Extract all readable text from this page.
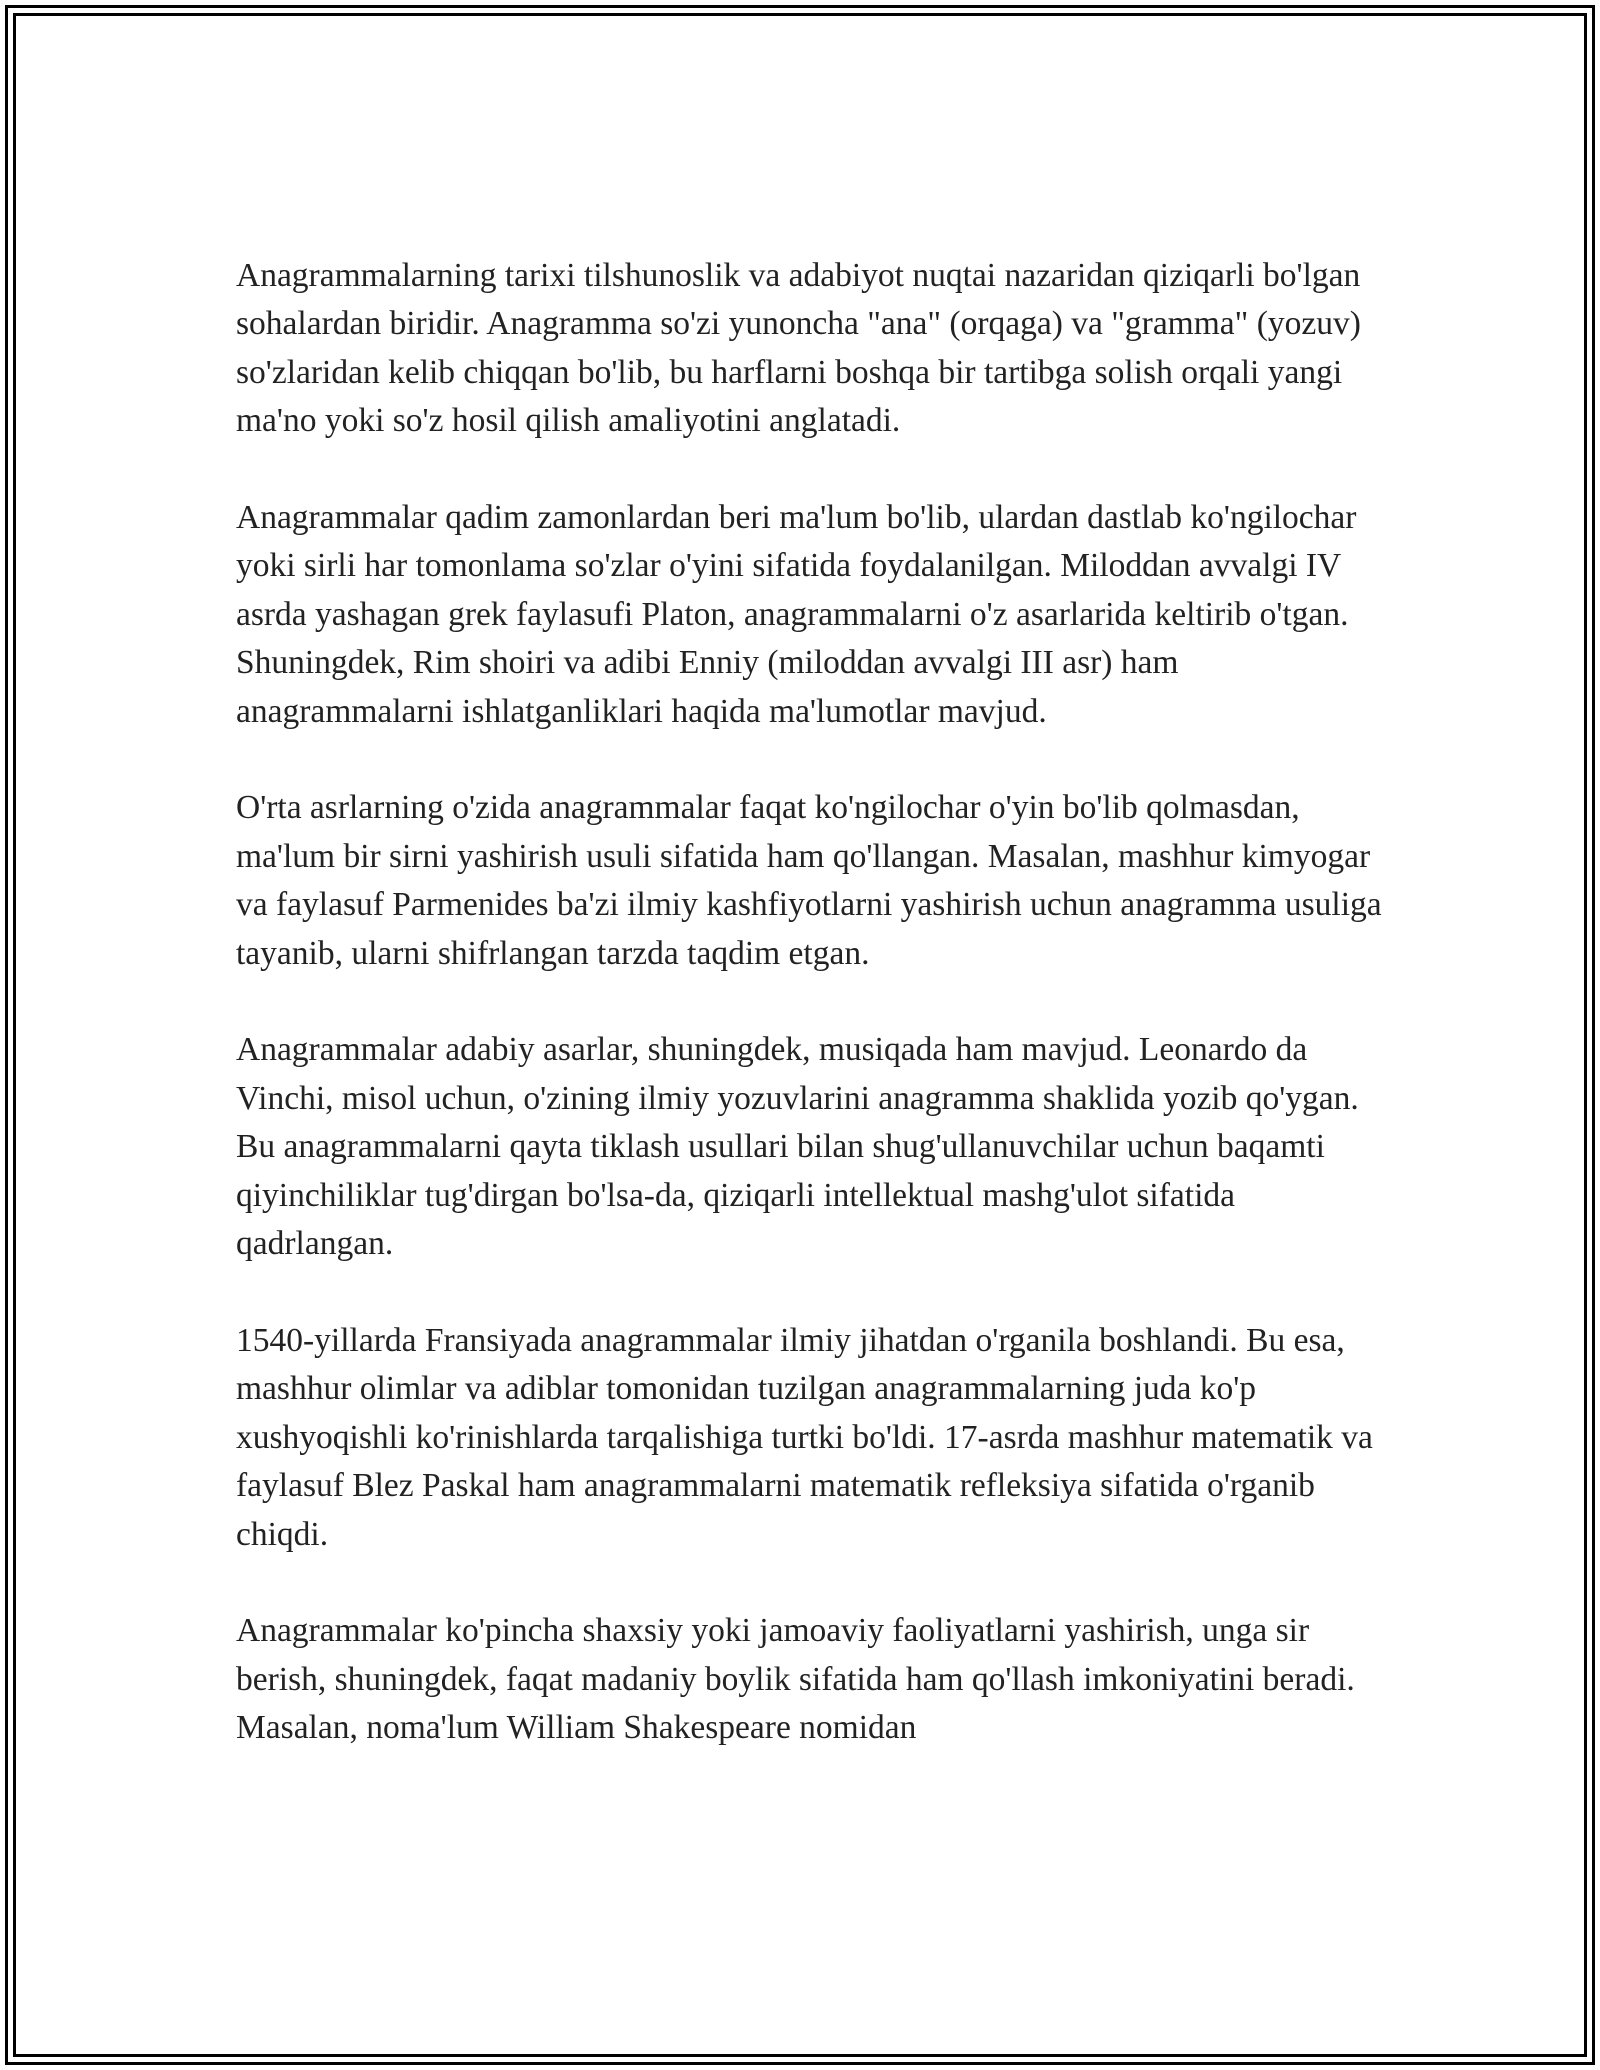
Anagrammalarning tarixi tilshunoslik va adabiyot nuqtai nazaridan qiziqarli bo'lgan sohalardan biridir. Anagramma so'zi yunoncha "ana" (orqaga) va "gramma" (yozuv) so'zlaridan kelib chiqqan bo'lib, bu harflarni boshqa bir tartibga solish orqali yangi ma'no yoki so'z hosil qilish amaliyotini anglatadi.

Anagrammalar qadim zamonlardan beri ma'lum bo'lib, ulardan dastlab ko'ngilochar yoki sirli har tomonlama so'zlar o'yini sifatida foydalanilgan. Miloddan avvalgi IV asrda yashagan grek faylasufi Platon, anagrammalarni o'z asarlarida keltirib o'tgan. Shuningdek, Rim shoiri va adibi Enniy (miloddan avvalgi III asr) ham anagrammalarni ishlatganliklari haqida ma'lumotlar mavjud.

O'rta asrlarning o'zida anagrammalar faqat ko'ngilochar o'yin bo'lib qolmasdan, ma'lum bir sirni yashirish usuli sifatida ham qo'llangan. Masalan, mashhur kimyogar va faylasuf Parmenides ba'zi ilmiy kashfiyotlarni yashirish uchun anagramma usuliga tayanib, ularni shifrlangan tarzda taqdim etgan.

Anagrammalar adabiy asarlar, shuningdek, musiqada ham mavjud. Leonardo da Vinchi, misol uchun, o'zining ilmiy yozuvlarini anagramma shaklida yozib qo'ygan. Bu anagrammalarni qayta tiklash usullari bilan shug'ullanuvchilar uchun baqamti qiyinchiliklar tug'dirgan bo'lsa-da, qiziqarli intellektual mashg'ulot sifatida qadrlangan.

1540-yillarda Fransiyada anagrammalar ilmiy jihatdan o'rganila boshlandi. Bu esa, mashhur olimlar va adiblar tomonidan tuzilgan anagrammalarning juda ko'p xushyoqishli ko'rinishlarda tarqalishiga turtki bo'ldi. 17-asrda mashhur matematik va faylasuf Blez Paskal ham anagrammalarni matematik refleksiya sifatida o'rganib chiqdi.

Anagrammalar ko'pincha shaxsiy yoki jamoaviy faoliyatlarni yashirish, unga sir berish, shuningdek, faqat madaniy boylik sifatida ham qo'llash imkoniyatini beradi. Masalan, noma'lum William Shakespeare nomidan
